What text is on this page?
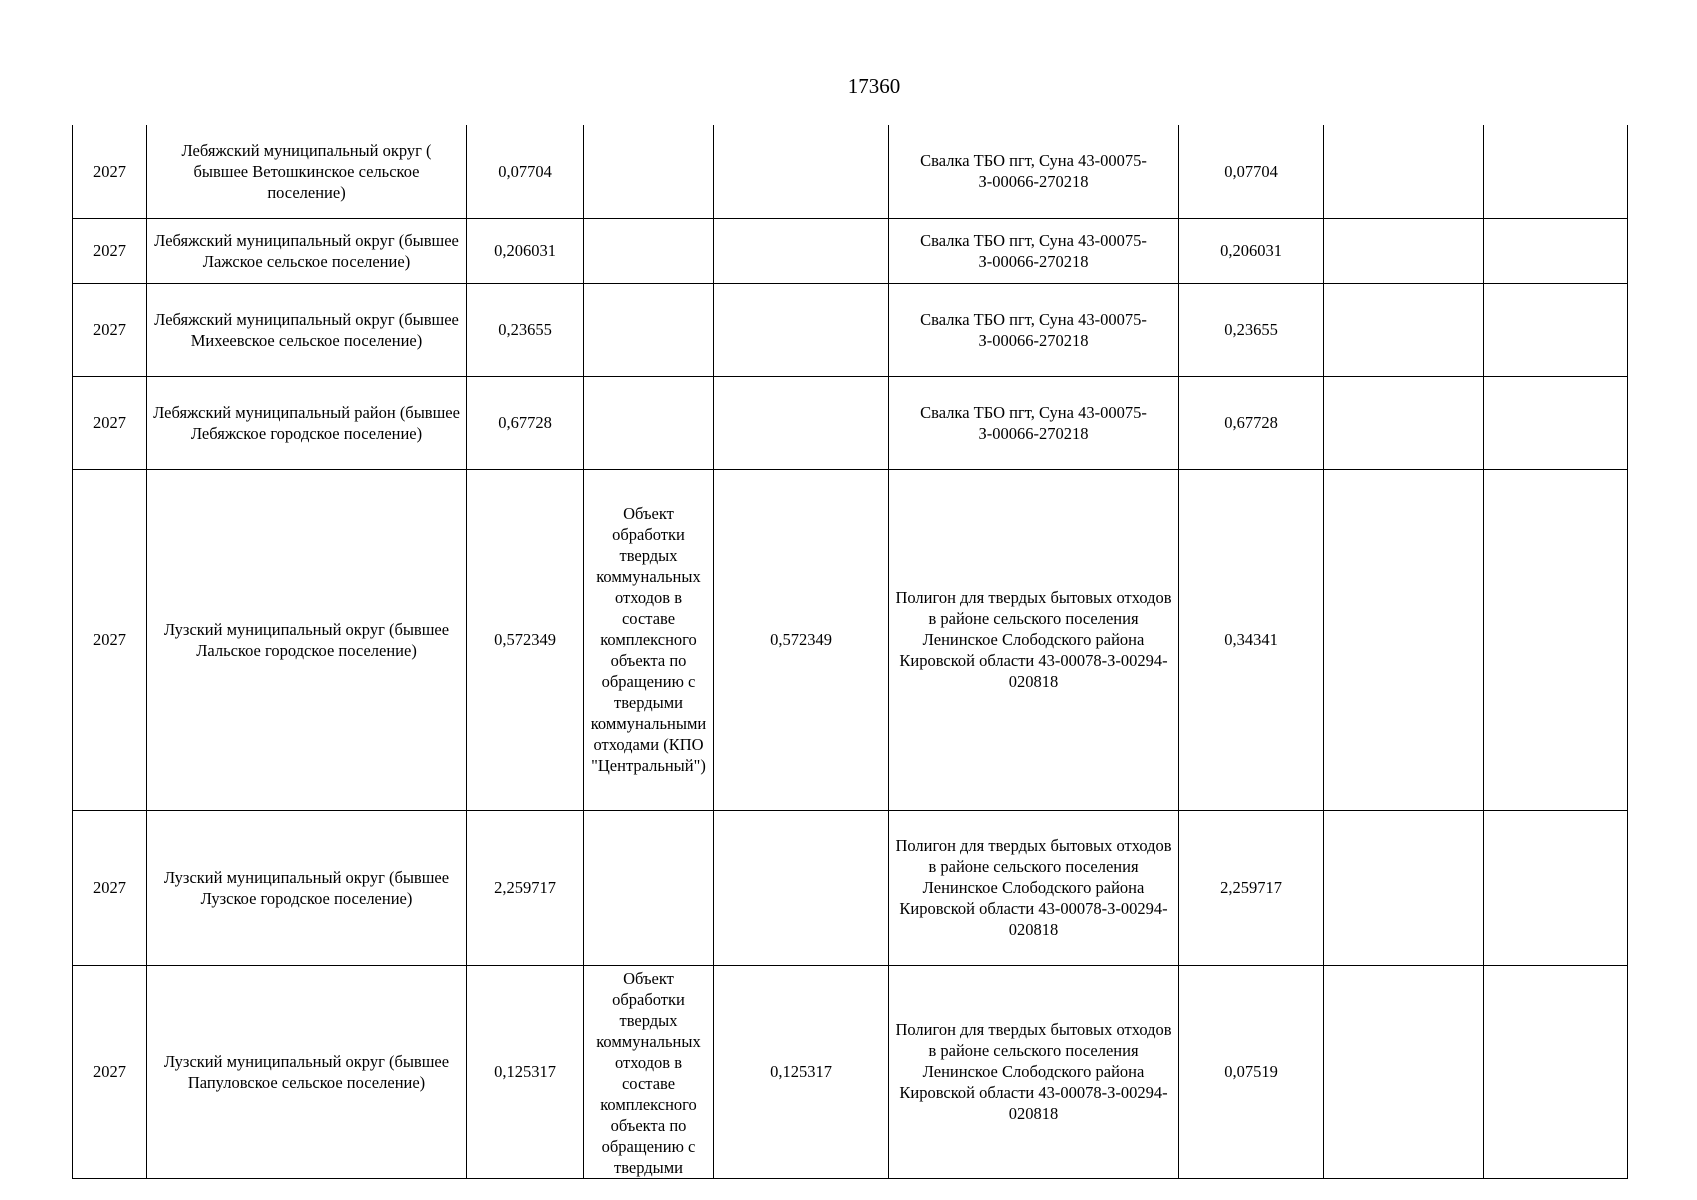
17360
2027	Лебяжский муниципальный округ ( бывшее Ветошкинское сельское поселение)	0,07704			Свалка ТБО пгт, Суна 43-00075-З-00066-270218	0,07704		
2027	Лебяжский муниципальный округ (бывшее Лажское сельское поселение)	0,206031			Свалка ТБО пгт, Суна 43-00075-З-00066-270218	0,206031		
2027	Лебяжский муниципальный округ (бывшее Михеевское сельское поселение)	0,23655			Свалка ТБО пгт, Суна 43-00075-З-00066-270218	0,23655		
2027	Лебяжский муниципальный район (бывшее Лебяжское городское поселение)	0,67728			Свалка ТБО пгт, Суна 43-00075-З-00066-270218	0,67728		
2027	Лузский муниципальный округ (бывшее Лальское городское поселение)	0,572349	Объект обработки твердых коммунальных отходов в составе комплексного объекта по обращению с твердыми коммунальными отходами (КПО "Центральный")	0,572349	Полигон для твердых бытовых отходов в районе сельского поселения Ленинское Слободского района Кировской области 43-00078-З-00294-020818	0,34341		
2027	Лузский муниципальный округ (бывшее Лузское городское поселение)	2,259717			Полигон для твердых бытовых отходов в районе сельского поселения Ленинское Слободского района Кировской области 43-00078-З-00294-020818	2,259717		
2027	Лузский муниципальный округ (бывшее Папуловское сельское поселение)	0,125317	Объект обработки твердых коммунальных отходов в составе комплексного объекта по обращению с твердыми	0,125317	Полигон для твердых бытовых отходов в районе сельского поселения Ленинское Слободского района Кировской области 43-00078-З-00294-020818	0,07519		
